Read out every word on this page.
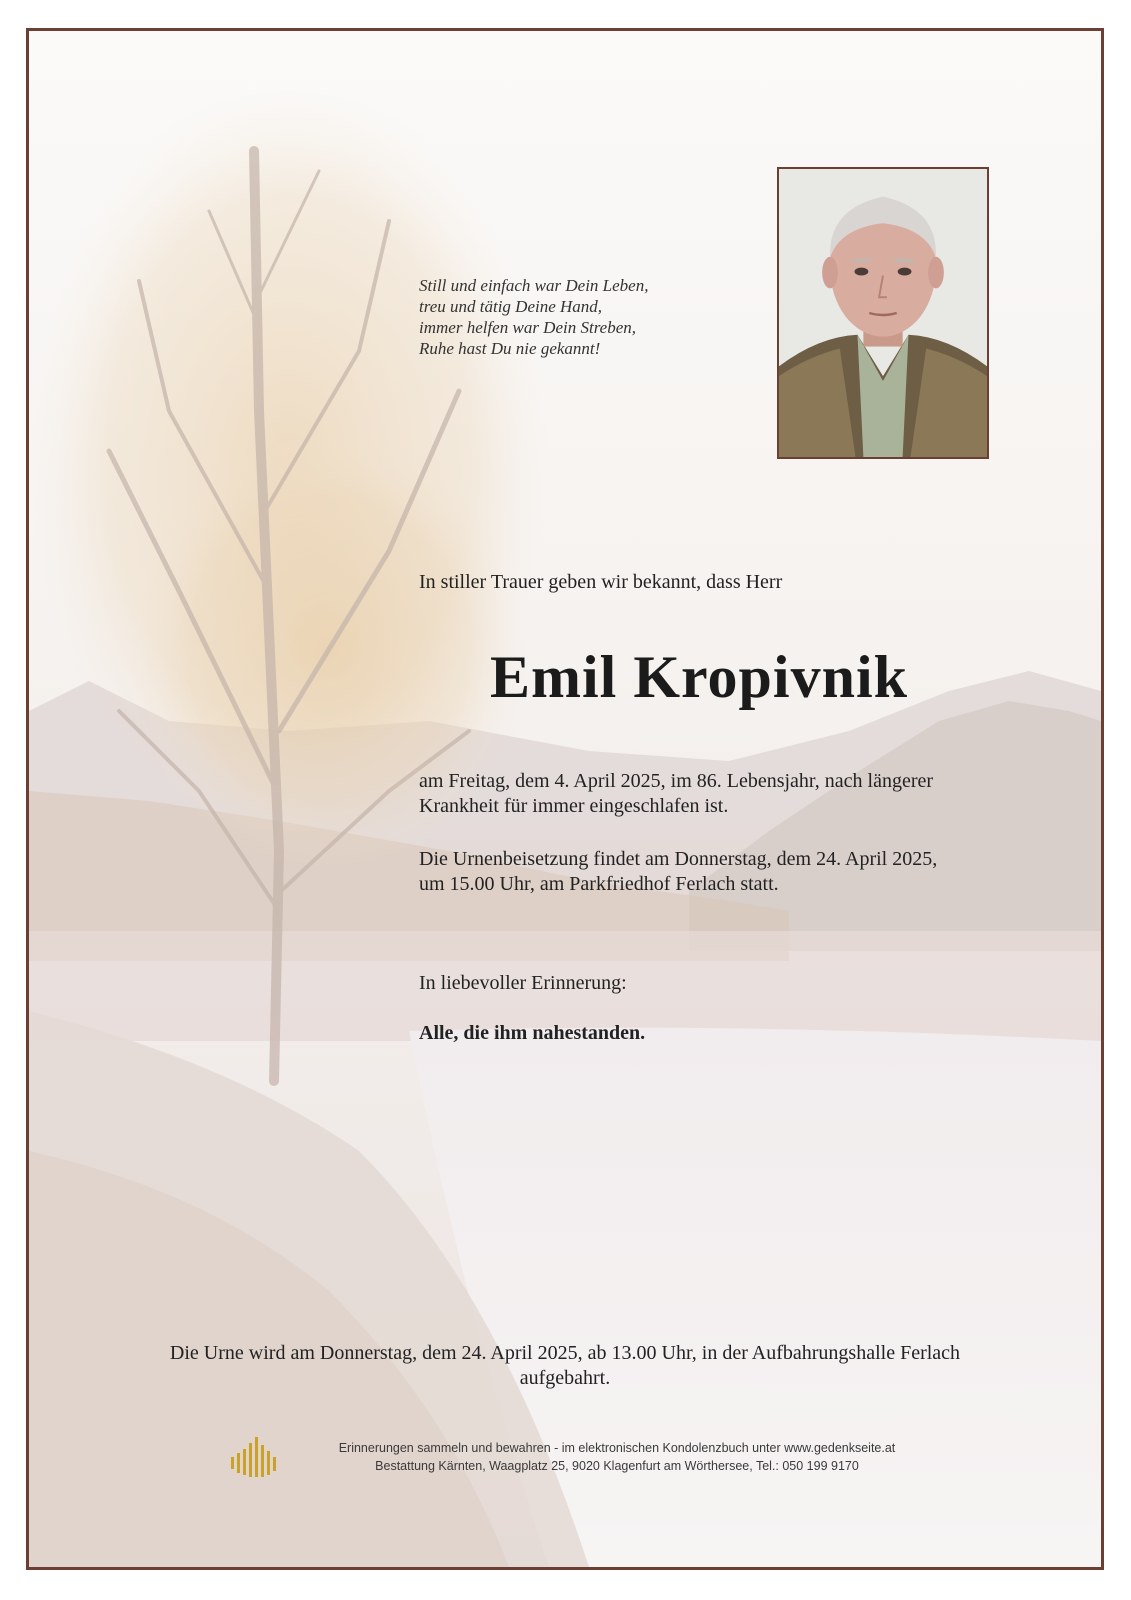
Still und einfach war Dein Leben,
treu und tätig Deine Hand,
immer helfen war Dein Streben,
Ruhe hast Du nie gekannt!
In stiller Trauer geben wir bekannt, dass Herr
Emil Kropivnik
am Freitag, dem 4. April 2025, im 86. Lebensjahr, nach längerer
Krankheit für immer eingeschlafen ist.
Die Urnenbeisetzung findet am Donnerstag, dem 24. April 2025,
um 15.00 Uhr, am Parkfriedhof Ferlach statt.
In liebevoller Erinnerung:
Alle, die ihm nahestanden.
Die Urne wird am Donnerstag, dem 24. April 2025, ab 13.00 Uhr, in der Aufbahrungshalle Ferlach
aufgebahrt.
Erinnerungen sammeln und bewahren - im elektronischen Kondolenzbuch unter www.gedenkseite.at
Bestattung Kärnten, Waagplatz 25, 9020 Klagenfurt am Wörthersee, Tel.: 050 199 9170
